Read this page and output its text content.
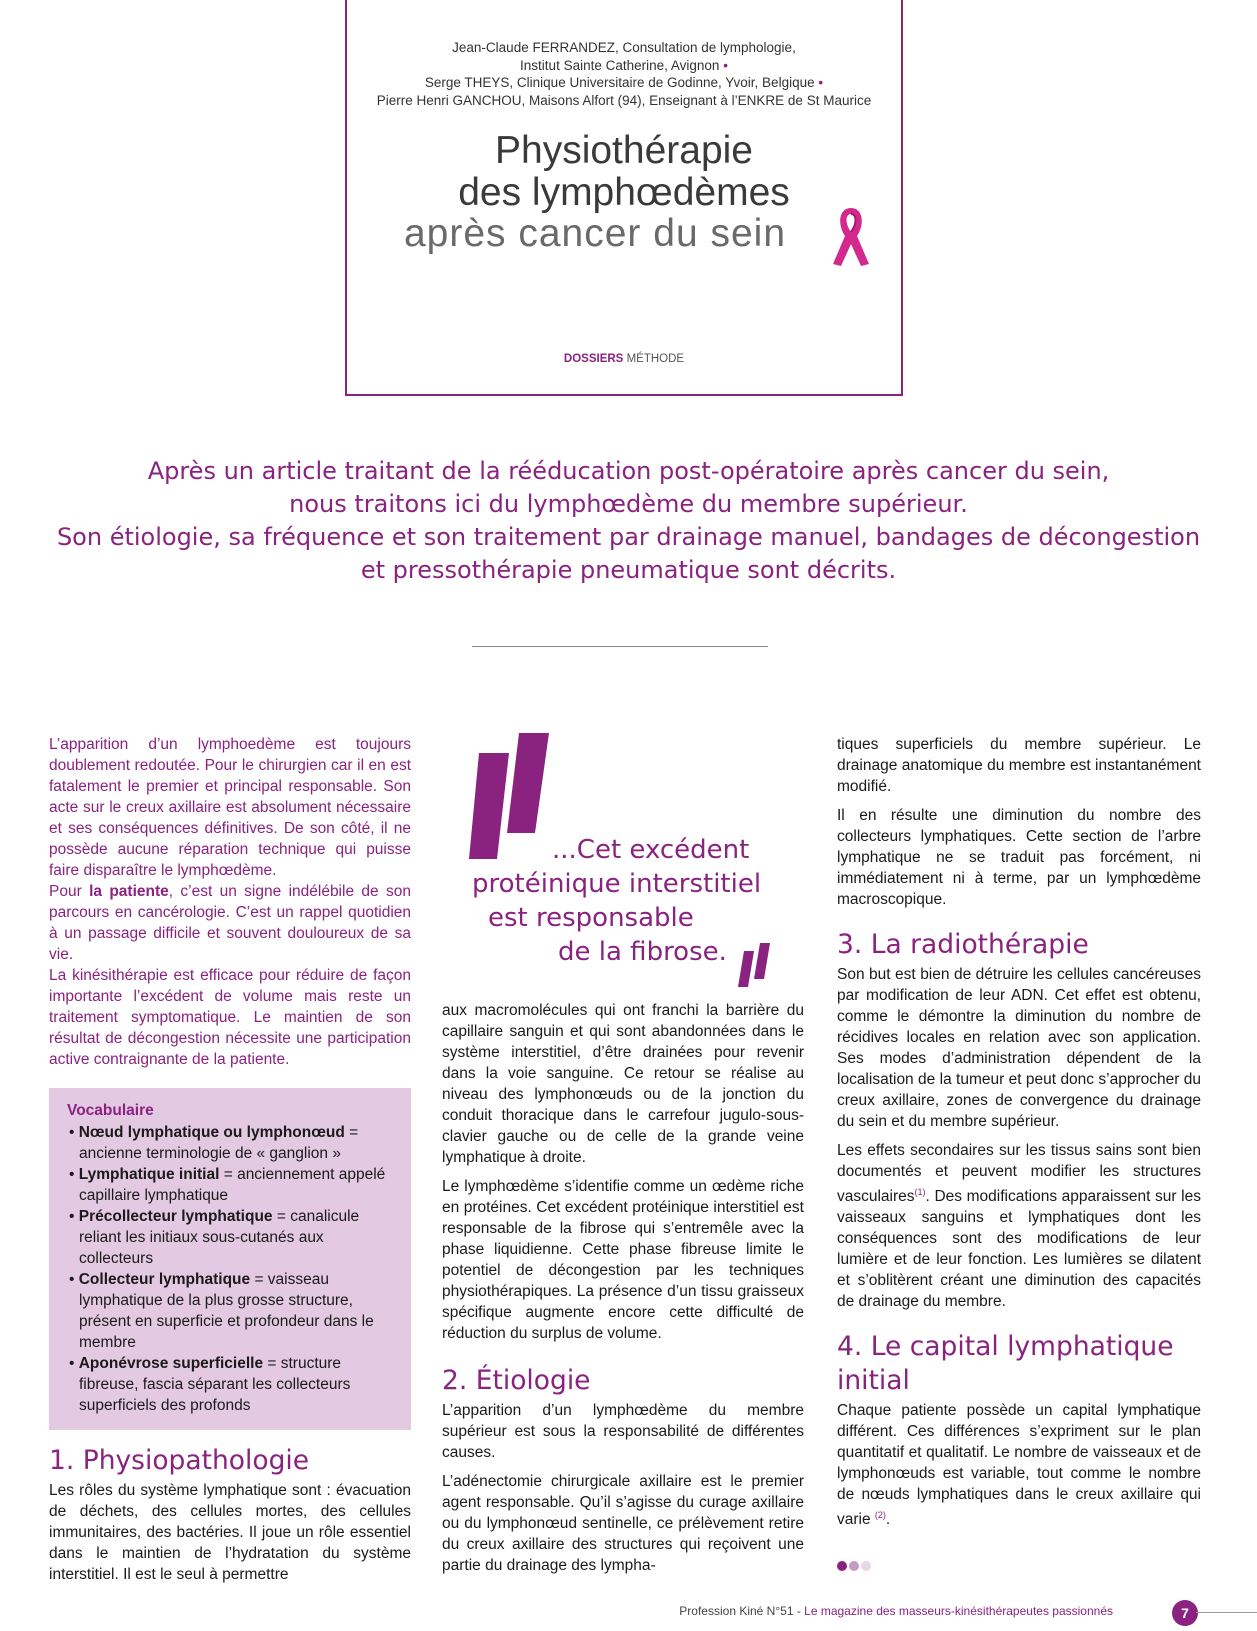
Jean-Claude FERRANDEZ, Consultation de lymphologie,
Institut Sainte Catherine, Avignon •
Serge THEYS, Clinique Universitaire de Godinne, Yvoir, Belgique •
Pierre Henri GANCHOU, Maisons Alfort (94), Enseignant à l’ENKRE de St Maurice
Physiothérapie
des lymphœdèmes
après cancer du sein
DOSSIERS MÉTHODE

Après un article traitant de la rééducation post-opératoire après cancer du sein,

nous traitons ici du lymphœdème du membre supérieur.

Son étiologie, sa fréquence et son traitement par drainage manuel, bandages de décongestion

et pressothérapie pneumatique sont décrits.

L’apparition d’un lymphoedème est toujours doublement redoutée. Pour le chirurgien car il en est fatalement le premier et principal responsable. Son acte sur le creux axillaire est absolument nécessaire et ses conséquences définitives. De son côté, il ne possède aucune réparation technique qui puisse faire disparaître le lymphœdème.

Pour la patiente, c’est un signe indélébile de son parcours en cancérologie. C’est un rappel quotidien à un passage difficile et souvent douloureux de sa vie.

La kinésithérapie est efficace pour réduire de façon importante l’excédent de volume mais reste un traitement symptomatique. Le maintien de son résultat de décongestion nécessite une participation active contraignante de la patiente.

Vocabulaire
• Nœud lymphatique ou lymphonœud = ancienne terminologie de « ganglion »
• Lymphatique initial = anciennement appelé capillaire lymphatique
• Précollecteur lymphatique = canalicule reliant les initiaux sous-cutanés aux collecteurs
• Collecteur lymphatique = vaisseau lymphatique de la plus grosse structure, présent en superficie et profondeur dans le membre
• Aponévrose superficielle = structure fibreuse, fascia séparant les collecteurs superficiels des profonds
1. Physiopathologie

Les rôles du système lymphatique sont : évacuation de déchets, des cellules mortes, des cellules immunitaires, des bactéries. Il joue un rôle essentiel dans le maintien de l’hydratation du système interstitiel. Il est le seul à permettre

...Cet excédent
protéinique interstitiel
est responsable
de la fibrose.

aux macromolécules qui ont franchi la barrière du capillaire sanguin et qui sont abandonnées dans le système interstitiel, d’être drainées pour revenir dans la voie sanguine. Ce retour se réalise au niveau des lymphonœuds ou de la jonction du conduit thoracique dans le carrefour jugulo-sous-clavier gauche ou de celle de la grande veine lymphatique à droite.

Le lymphœdème s’identifie comme un œdème riche en protéines. Cet excédent protéinique interstitiel est responsable de la fibrose qui s’entremêle avec la phase liquidienne. Cette phase fibreuse limite le potentiel de décongestion par les techniques physiothérapiques. La présence d’un tissu graisseux spécifique augmente encore cette difficulté de réduction du surplus de volume.

2. Étiologie

L’apparition d’un lymphœdème du membre supérieur est sous la responsabilité de différentes causes.

L’adénectomie chirurgicale axillaire est le premier agent responsable. Qu’il s’agisse du curage axillaire ou du lymphonœud sentinelle, ce prélèvement retire du creux axillaire des structures qui reçoivent une partie du drainage des lympha-

tiques superficiels du membre supérieur. Le drainage anatomique du membre est instantanément modifié.

Il en résulte une diminution du nombre des collecteurs lymphatiques. Cette section de l’arbre lymphatique ne se traduit pas forcément, ni immédiatement ni à terme, par un lymphœdème macroscopique.

3. La radiothérapie

Son but est bien de détruire les cellules cancéreuses par modification de leur ADN. Cet effet est obtenu, comme le démontre la diminution du nombre de récidives locales en relation avec son application. Ses modes d’administration dépendent de la localisation de la tumeur et peut donc s’approcher du creux axillaire, zones de convergence du drainage du sein et du membre supérieur.

Les effets secondaires sur les tissus sains sont bien documentés et peuvent modifier les structures vasculaires$^{(1)}$. Des modifications apparaissent sur les vaisseaux sanguins et lymphatiques dont les conséquences sont des modifications de leur lumière et de leur fonction. Les lumières se dilatent et s’oblitèrent créant une diminution des capacités de drainage du membre.

4. Le capital lymphatique initial

Chaque patiente possède un capital lymphatique différent. Ces différences s’expriment sur le plan quantitatif et qualitatif. Le nombre de vaisseaux et de lymphonœuds est variable, tout comme le nombre de nœuds lymphatiques dans le creux axillaire qui varie $^{(2)}$.

Profession Kiné N°51 - Le magazine des masseurs-kinésithérapeutes passionnés	7
